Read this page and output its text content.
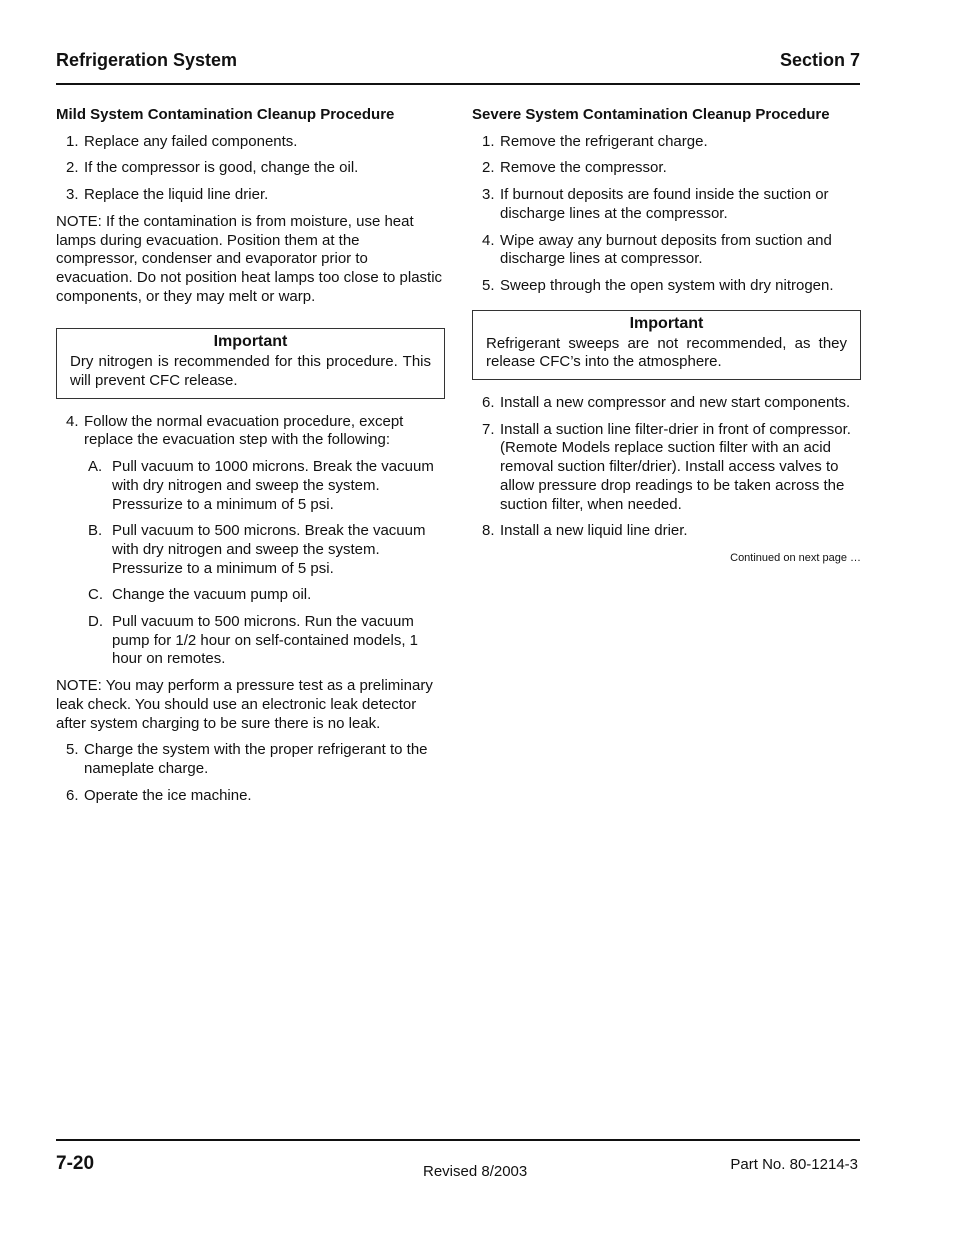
Refrigeration System	Section 7
Mild System Contamination Cleanup Procedure
1. Replace any failed components.
2. If the compressor is good, change the oil.
3. Replace the liquid line drier.
NOTE: If the contamination is from moisture, use heat lamps during evacuation. Position them at the compressor, condenser and evaporator prior to evacuation. Do not position heat lamps too close to plastic components, or they may melt or warp.
Important
Dry nitrogen is recommended for this procedure. This will prevent CFC release.
4. Follow the normal evacuation procedure, except replace the evacuation step with the following:
A. Pull vacuum to 1000 microns. Break the vacuum with dry nitrogen and sweep the system. Pressurize to a minimum of 5 psi.
B. Pull vacuum to 500 microns. Break the vacuum with dry nitrogen and sweep the system. Pressurize to a minimum of 5 psi.
C. Change the vacuum pump oil.
D. Pull vacuum to 500 microns. Run the vacuum pump for 1/2 hour on self-contained models, 1 hour on remotes.
NOTE: You may perform a pressure test as a preliminary leak check. You should use an electronic leak detector after system charging to be sure there is no leak.
5. Charge the system with the proper refrigerant to the nameplate charge.
6. Operate the ice machine.
Severe System Contamination Cleanup Procedure
1. Remove the refrigerant charge.
2. Remove the compressor.
3. If burnout deposits are found inside the suction or discharge lines at the compressor.
4. Wipe away any burnout deposits from suction and discharge lines at compressor.
5. Sweep through the open system with dry nitrogen.
Important
Refrigerant sweeps are not recommended, as they release CFC’s into the atmosphere.
6. Install a new compressor and new start components.
7. Install a suction line filter-drier in front of compressor. (Remote Models replace suction filter with an acid removal suction filter/drier). Install access valves to allow pressure drop readings to be taken across the suction filter, when needed.
8. Install a new liquid line drier.
Continued on next page …
7-20	Revised 8/2003	Part No. 80-1214-3
